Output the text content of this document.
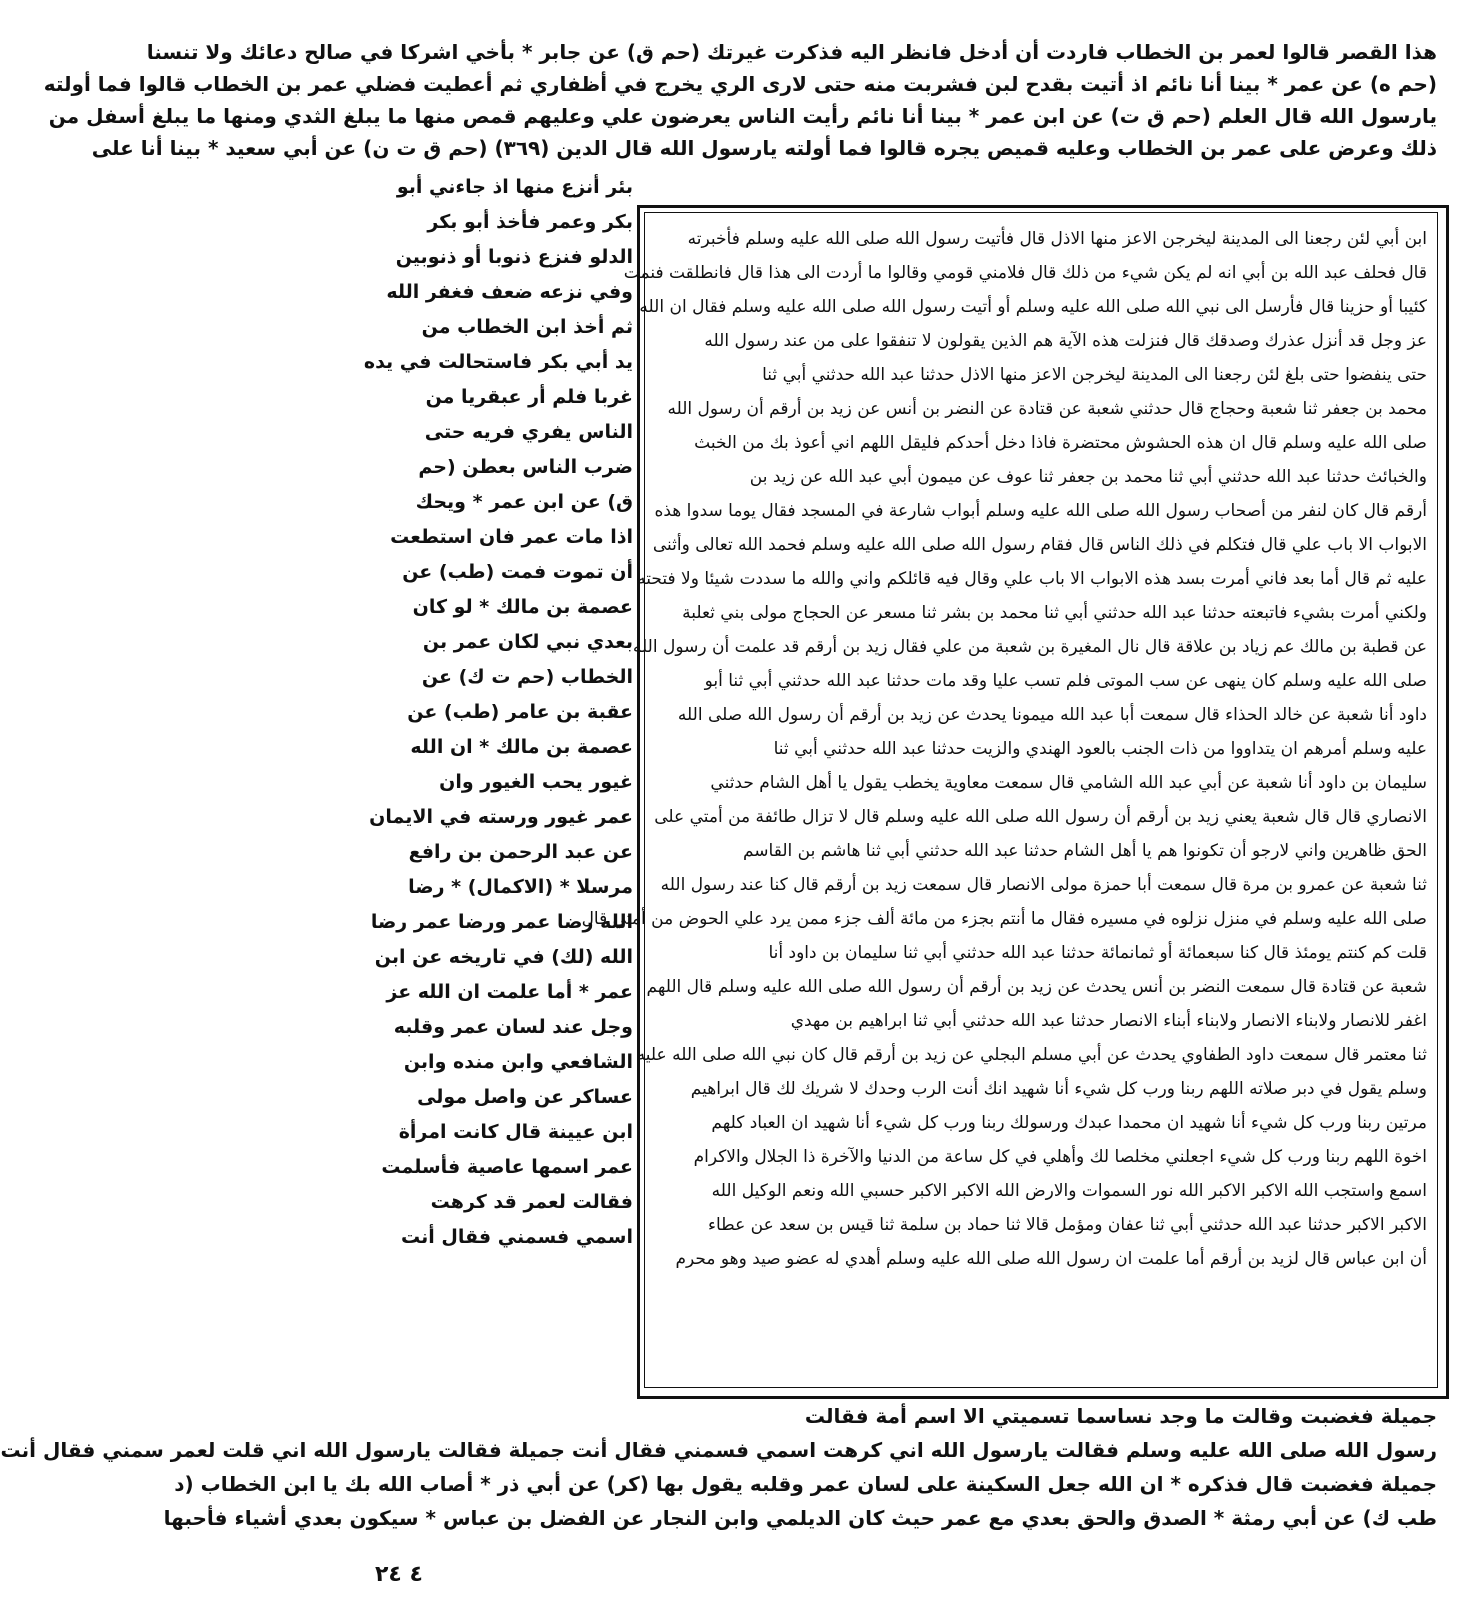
هذا القصر قالوا لعمر بن الخطاب فاردت أن أدخل فانظر اليه فذكرت غيرتك (حم ق) عن جابر * بأخي اشركا في صالح دعائك ولا تنسنا
(حم ه) عن عمر * بينا أنا نائم اذ أتيت بقدح لبن فشربت منه حتى لارى الري يخرج في أظفاري ثم أعطيت فضلي عمر بن الخطاب قالوا فما أولته
يارسول الله قال العلم (حم ق ت) عن ابن عمر * بينا أنا نائم رأيت الناس يعرضون علي وعليهم قمص منها ما يبلغ الثدي ومنها ما يبلغ أسفل من
ذلك وعرض على عمر بن الخطاب وعليه قميص يجره قالوا فما أولته يارسول الله قال الدين (٣٦٩) (حم ق ت ن) عن أبي سعيد * بينا أنا على
بئر أنزع منها اذ جاءني أبو
بكر وعمر فأخذ أبو بكر
الدلو فنزع ذنوبا أو ذنوبين
وفي نزعه ضعف فغفر الله
ثم أخذ ابن الخطاب من
يد أبي بكر فاستحالت في يده
غربا فلم أر عبقريا من
الناس يفري فريه حتى
ضرب الناس بعطن (حم
ق) عن ابن عمر * ويحك
اذا مات عمر فان استطعت
أن تموت فمت (طب) عن
عصمة بن مالك * لو كان
بعدي نبي لكان عمر بن
الخطاب (حم ت ك) عن
عقبة بن عامر (طب) عن
عصمة بن مالك * ان الله
غيور يحب الغيور وان
عمر غيور ورسته في الايمان
عن عبد الرحمن بن رافع
مرسلا * (الاكمال) * رضا
الله رضا عمر ورضا عمر رضا
الله (لك) في تاريخه عن ابن
عمر * أما علمت ان الله عز
وجل عند لسان عمر وقلبه
الشافعي وابن منده وابن
عساكر عن واصل مولى
ابن عيينة قال كانت امرأة
عمر اسمها عاصية فأسلمت
فقالت لعمر قد كرهت
اسمي فسمني فقال أنت
ابن أبي لئن رجعنا الى المدينة ليخرجن الاعز منها الاذل قال فأتيت رسول الله صلى الله عليه وسلم فأخبرته
قال فحلف عبد الله بن أبي انه لم يكن شيء من ذلك قال فلامني قومي وقالوا ما أردت الى هذا قال فانطلقت فنمت
كئيبا أو حزينا قال فأرسل الى نبي الله صلى الله عليه وسلم أو أتيت رسول الله صلى الله عليه وسلم فقال ان الله
عز وجل قد أنزل عذرك وصدقك قال فنزلت هذه الآية هم الذين يقولون لا تنفقوا على من عند رسول الله
حتى ينفضوا حتى بلغ لئن رجعنا الى المدينة ليخرجن الاعز منها الاذل حدثنا عبد الله حدثني أبي ثنا
محمد بن جعفر ثنا شعبة وحجاج قال حدثني شعبة عن قتادة عن النضر بن أنس عن زيد بن أرقم أن رسول الله
صلى الله عليه وسلم قال ان هذه الحشوش محتضرة فاذا دخل أحدكم فليقل اللهم اني أعوذ بك من الخبث
والخبائث حدثنا عبد الله حدثني أبي ثنا محمد بن جعفر ثنا عوف عن ميمون أبي عبد الله عن زيد بن
أرقم قال كان لنفر من أصحاب رسول الله صلى الله عليه وسلم أبواب شارعة في المسجد فقال يوما سدوا هذه
الابواب الا باب علي قال فتكلم في ذلك الناس قال فقام رسول الله صلى الله عليه وسلم فحمد الله تعالى وأثنى
عليه ثم قال أما بعد فاني أمرت بسد هذه الابواب الا باب علي وقال فيه قائلكم واني والله ما سددت شيئا ولا فتحته
ولكني أمرت بشيء فاتبعته حدثنا عبد الله حدثني أبي ثنا محمد بن بشر ثنا مسعر عن الحجاج مولى بني ثعلبة
عن قطبة بن مالك عم زياد بن علاقة قال نال المغيرة بن شعبة من علي فقال زيد بن أرقم قد علمت أن رسول الله
صلى الله عليه وسلم كان ينهى عن سب الموتى فلم تسب عليا وقد مات حدثنا عبد الله حدثني أبي ثنا أبو
داود أنا شعبة عن خالد الحذاء قال سمعت أبا عبد الله ميمونا يحدث عن زيد بن أرقم أن رسول الله صلى الله
عليه وسلم أمرهم ان يتداووا من ذات الجنب بالعود الهندي والزيت حدثنا عبد الله حدثني أبي ثنا
سليمان بن داود أنا شعبة عن أبي عبد الله الشامي قال سمعت معاوية يخطب يقول يا أهل الشام حدثني
الانصاري قال قال شعبة يعني زيد بن أرقم أن رسول الله صلى الله عليه وسلم قال لا تزال طائفة من أمتي على
الحق ظاهرين واني لارجو أن تكونوا هم يا أهل الشام حدثنا عبد الله حدثني أبي ثنا هاشم بن القاسم
ثنا شعبة عن عمرو بن مرة قال سمعت أبا حمزة مولى الانصار قال سمعت زيد بن أرقم قال كنا عند رسول الله
صلى الله عليه وسلم في منزل نزلوه في مسيره فقال ما أنتم بجزء من مائة ألف جزء ممن يرد علي الحوض من أمتي قال
قلت كم كنتم يومئذ قال كنا سبعمائة أو ثمانمائة حدثنا عبد الله حدثني أبي ثنا سليمان بن داود أنا
شعبة عن قتادة قال سمعت النضر بن أنس يحدث عن زيد بن أرقم أن رسول الله صلى الله عليه وسلم قال اللهم
اغفر للانصار ولابناء الانصار ولابناء أبناء الانصار حدثنا عبد الله حدثني أبي ثنا ابراهيم بن مهدي
ثنا معتمر قال سمعت داود الطفاوي يحدث عن أبي مسلم البجلي عن زيد بن أرقم قال كان نبي الله صلى الله عليه
وسلم يقول في دبر صلاته اللهم ربنا ورب كل شيء أنا شهيد انك أنت الرب وحدك لا شريك لك قال ابراهيم
مرتين ربنا ورب كل شيء أنا شهيد ان محمدا عبدك ورسولك ربنا ورب كل شيء أنا شهيد ان العباد كلهم
اخوة اللهم ربنا ورب كل شيء اجعلني مخلصا لك وأهلي في كل ساعة من الدنيا والآخرة ذا الجلال والاكرام
اسمع واستجب الله الاكبر الاكبر الله نور السموات والارض الله الاكبر الاكبر حسبي الله ونعم الوكيل الله
الاكبر الاكبر حدثنا عبد الله حدثني أبي ثنا عفان ومؤمل قالا ثنا حماد بن سلمة ثنا قيس بن سعد عن عطاء
أن ابن عباس قال لزيد بن أرقم أما علمت ان رسول الله صلى الله عليه وسلم أهدي له عضو صيد وهو محرم
جميلة فغضبت وقالت ما وجد نساسما تسميتي الا اسم أمة فقالت
رسول الله صلى الله عليه وسلم فقالت يارسول الله اني كرهت اسمي فسمني فقال أنت جميلة فقالت يارسول الله اني قلت لعمر سمني فقال أنت
جميلة فغضبت قال فذكره * ان الله جعل السكينة على لسان عمر وقلبه يقول بها (كر) عن أبي ذر * أصاب الله بك يا ابن الخطاب (د
طب ك) عن أبي رمثة * الصدق والحق بعدي مع عمر حيث كان الديلمي وابن النجار عن الفضل بن عباس * سيكون بعدي أشياء فأحبها
٤ ٢٤
